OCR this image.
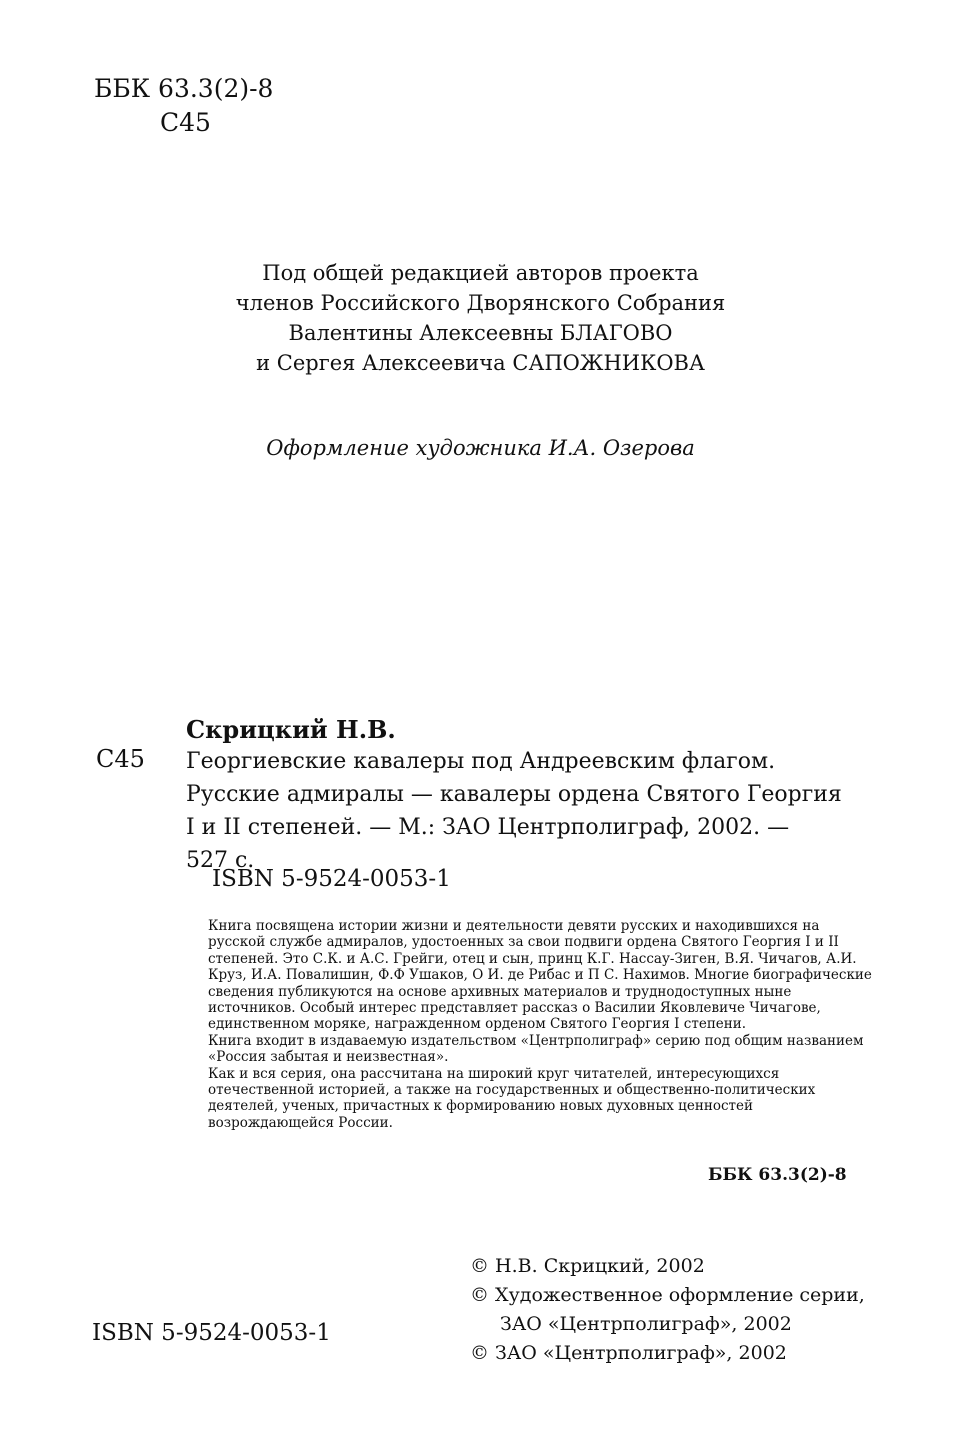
ББК 63.3(2)-8
С45
Под общей редакцией авторов проекта
членов Российского Дворянского Собрания
Валентины Алексеевны БЛАГОВО
и Сергея Алексеевича САПОЖНИКОВА
Оформление художника И.А. Озерова
Скрицкий Н.В.
С45 Георгиевские кавалеры под Андреевским флагом.
Русские адмиралы — кавалеры ордена Святого Георгия
I и II степеней. — М.: ЗАО Центрполиграф, 2002. —
527 с.
ISBN 5-9524-0053-1

Книга посвящена истории жизни и деятельности девяти русских и находившихся на русской службе адмиралов, удостоенных за свои подвиги ордена Святого Георгия I и II степеней. Это С.К. и А.С. Грейги, отец и сын, принц К.Г. Нассау-Зиген, В.Я. Чичагов, А.И. Круз, И.А. Повалишин, Ф.Ф Ушаков, О И. де Рибас и П С. Нахимов. Многие биографические сведения публикуются на основе архивных материалов и труднодоступных ныне источников. Особый интерес представляет рассказ о Василии Яковлевиче Чичагове, единственном моряке, награжденном орденом Святого Георгия I степени.

Книга входит в издаваемую издательством «Центрполиграф» серию под общим названием «Россия забытая и неизвестная».

Как и вся серия, она рассчитана на широкий круг читателей, интересующихся отечественной историей, а также на государственных и общественно-политических деятелей, ученых, причастных к формированию новых духовных ценностей возрождающейся России.

ББК 63.3(2)-8
© Н.В. Скрицкий, 2002
© Художественное оформление серии,
ЗАО «Центрполиграф», 2002
© ЗАО «Центрполиграф», 2002
ISBN 5-9524-0053-1
